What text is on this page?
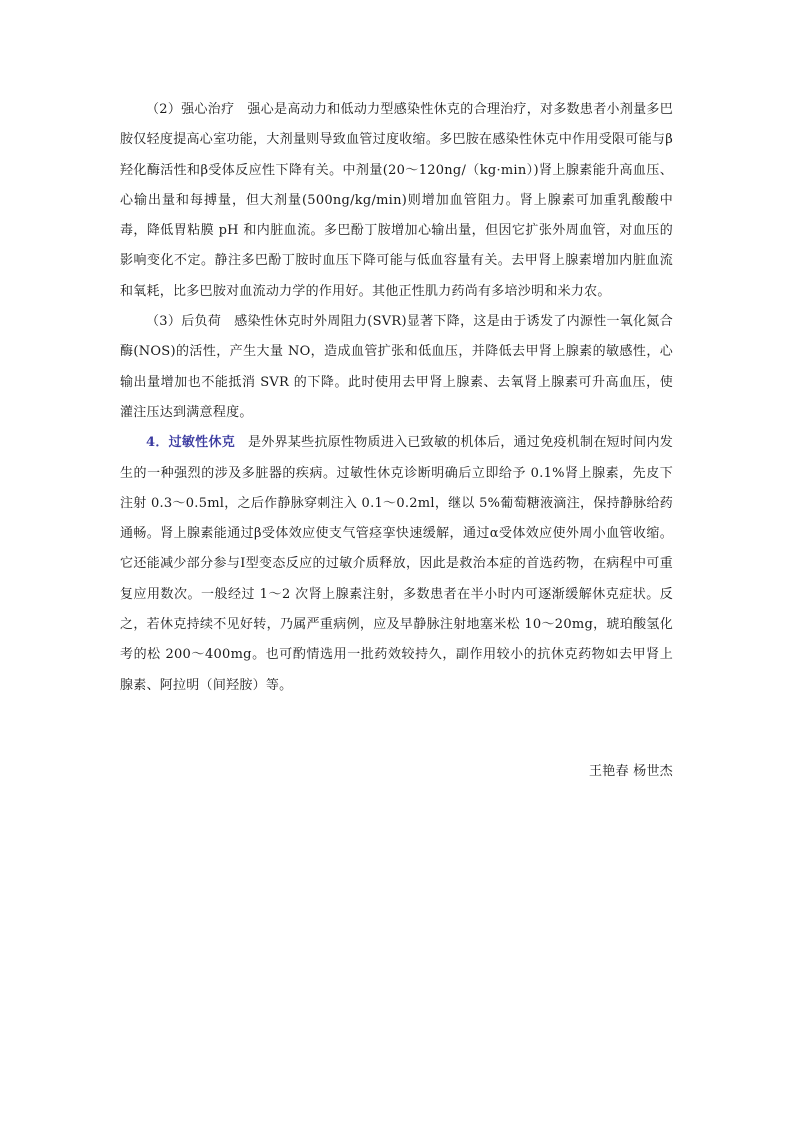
（2）强心治疗 强心是高动力和低动力型感染性休克的合理治疗，对多数患者小剂量多巴胺仅轻度提高心室功能，大剂量则导致血管过度收缩。多巴胺在感染性休克中作用受限可能与β羟化酶活性和β受体反应性下降有关。中剂量(20～120ng/（kg·min）)肾上腺素能升高血压、心输出量和每搏量，但大剂量(500ng/kg/min)则增加血管阻力。肾上腺素可加重乳酸酸中毒，降低胃粘膜 pH 和内脏血流。多巴酚丁胺增加心输出量，但因它扩张外周血管，对血压的影响变化不定。静注多巴酚丁胺时血压下降可能与低血容量有关。去甲肾上腺素增加内脏血流和氧耗，比多巴胺对血流动力学的作用好。其他正性肌力药尚有多培沙明和米力农。

（3）后负荷 感染性休克时外周阻力(SVR)显著下降，这是由于诱发了内源性一氧化氮合酶(NOS)的活性，产生大量 NO，造成血管扩张和低血压，并降低去甲肾上腺素的敏感性，心输出量增加也不能抵消 SVR 的下降。此时使用去甲肾上腺素、去氧肾上腺素可升高血压，使灌注压达到满意程度。

4．过敏性休克 是外界某些抗原性物质进入已致敏的机体后，通过免疫机制在短时间内发生的一种强烈的涉及多脏器的疾病。过敏性休克诊断明确后立即给予 0.1%肾上腺素，先皮下注射 0.3～0.5ml，之后作静脉穿刺注入 0.1～0.2ml，继以 5%葡萄糖液滴注，保持静脉给药通畅。肾上腺素能通过β受体效应使支气管痉挛快速缓解，通过α受体效应使外周小血管收缩。它还能减少部分参与Ⅰ型变态反应的过敏介质释放，因此是救治本症的首选药物，在病程中可重复应用数次。一般经过 1～2 次肾上腺素注射，多数患者在半小时内可逐渐缓解休克症状。反之，若休克持续不见好转，乃属严重病例，应及早静脉注射地塞米松 10～20mg，琥珀酸氢化考的松 200～400mg。也可酌情选用一批药效较持久，副作用较小的抗休克药物如去甲肾上腺素、阿拉明（间羟胺）等。

王艳春 杨世杰
